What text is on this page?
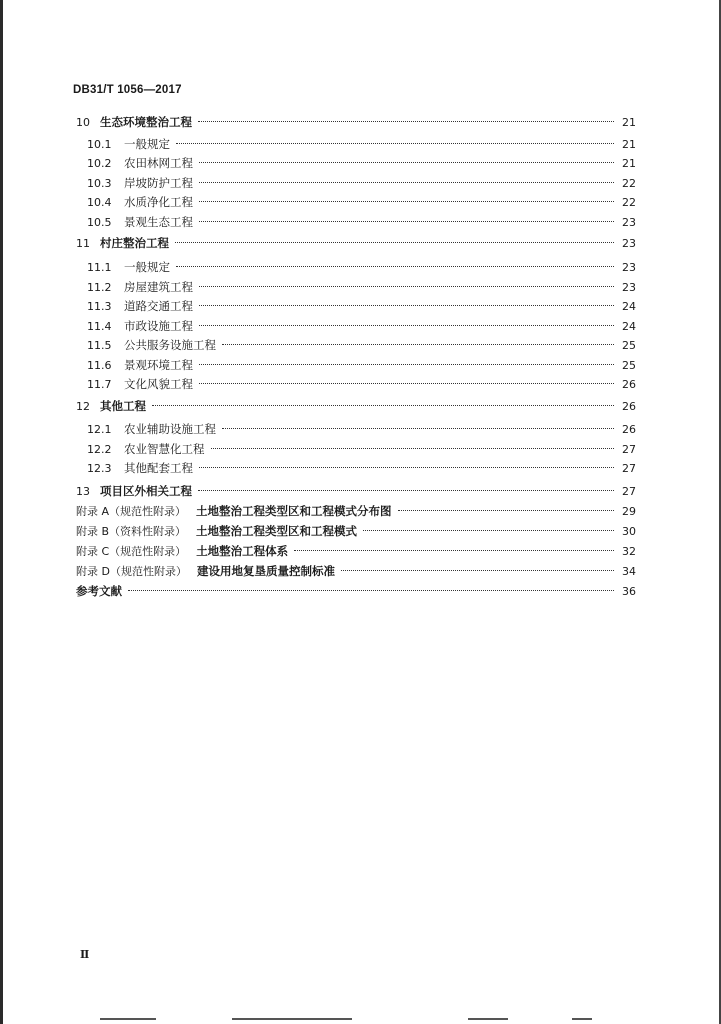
DB31/T 1056—2017
10 生态环境整治工程	21
10.1	一般规定	21
10.2	农田林网工程	21
10.3	岸坡防护工程	22
10.4	水质净化工程	22
10.5	景观生态工程	23
11 村庄整治工程	23
11.1	一般规定	23
11.2	房屋建筑工程	23
11.3	道路交通工程	24
11.4	市政设施工程	24
11.5	公共服务设施工程	25
11.6	景观环境工程	25
11.7	文化风貌工程	26
12 其他工程	26
12.1	农业辅助设施工程	26
12.2	农业智慧化工程	27
12.3	其他配套工程	27
13 项目区外相关工程	27
附录 A（规范性附录） 土地整治工程类型区和工程模式分布图	29
附录 B（资料性附录） 土地整治工程类型区和工程模式	30
附录 C（规范性附录） 土地整治工程体系	32
附录 D（规范性附录） 建设用地复垦质量控制标准	34
参考文献	36
Ⅱ
